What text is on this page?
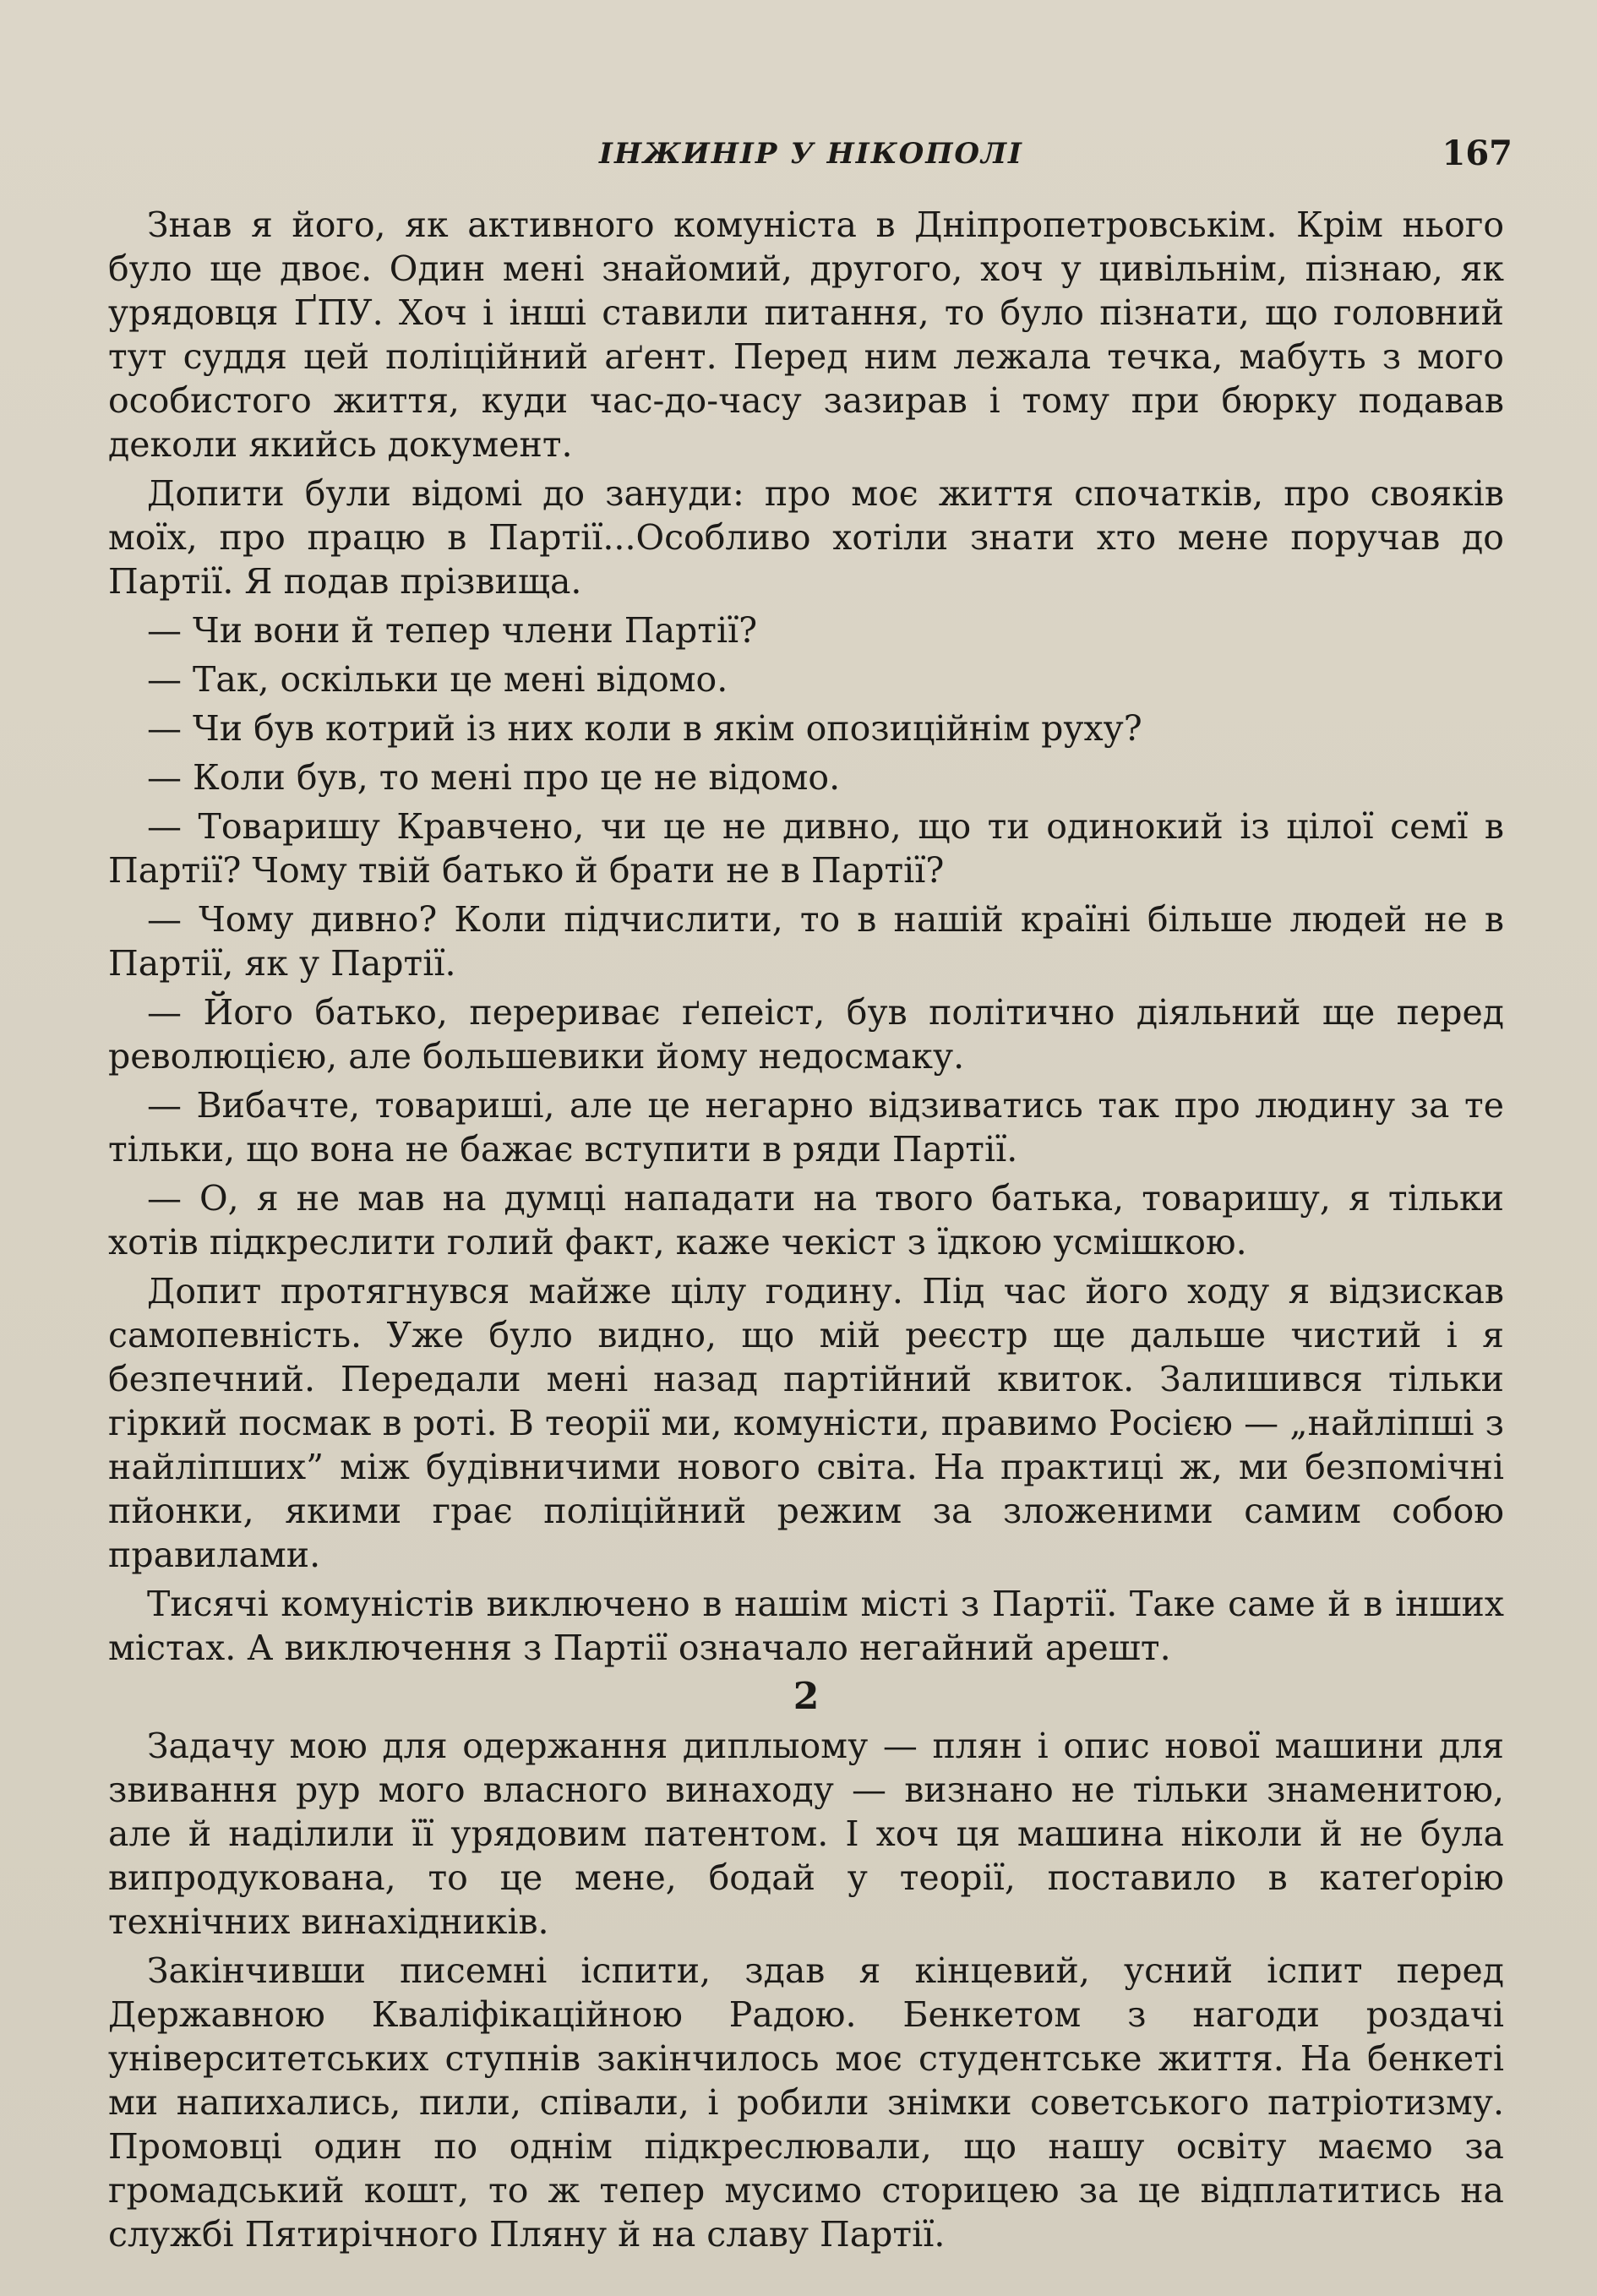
ІНЖИНІР У НІКОПОЛІ	167

Знав я його, як активного комуніста в Дніпропетровськім. Крім нього було ще двоє. Один мені знайомий, другого, хоч у цивільнім, пізнаю, як урядовця ҐПУ. Хоч і інші ставили питання, то було пізнати, що головний тут суддя цей поліційний аґент. Перед ним лежала течка, мабуть з мого особистого життя, куди час-до-часу зазирав і тому при бюрку подавав деколи якийсь документ.

Допити були відомі до зануди: про моє життя спочатків, про свояків моїх, про працю в Партії...Особливо хотіли знати хто мене поручав до Партії. Я подав прізвища.

— Чи вони й тепер члени Партії?

— Так, оскільки це мені відомо.

— Чи був котрий із них коли в якім опозиційнім руху?

— Коли був, то мені про це не відомо.

— Товаришу Кравчено, чи це не дивно, що ти одинокий із цілої семї в Партії? Чому твій батько й брати не в Партії?

— Чому дивно? Коли підчислити, то в нашій країні більше людей не в Партії, як у Партії.

— Його батько, перериває ґепеіст, був політично діяльний ще перед революцією, але большевики йому недосмаку.

— Вибачте, товариші, але це негарно відзиватись так про людину за те тільки, що вона не бажає вступити в ряди Партії.

— О, я не мав на думці нападати на твого батька, товаришу, я тільки хотів підкреслити голий факт, каже чекіст з їдкою усмішкою.

Допит протягнувся майже цілу годину. Під час його ходу я відзискав самопевність. Уже було видно, що мій реєстр ще дальше чистий і я безпечний. Передали мені назад партійний квиток. Залишився тільки гіркий посмак в роті. В теорії ми, комуністи, правимо Росією — „найліпші з найліпших” між будівничими нового світа. На практиці ж, ми безпомічні пйонки, якими грає поліційний режим за зложеними самим собою правилами.

Тисячі комуністів виключено в нашім місті з Партії. Таке саме й в інших містах. А виключення з Партії означало негайний арешт.

2

Задачу мою для одержання диплыому — плян і опис нової машини для звивання рур мого власного винаходу — визнано не тільки знаменитою, але й наділили її урядовим патентом. І хоч ця машина ніколи й не була випродукована, то це мене, бодай у теорії, поставило в катеґорію технічних винахідників.

Закінчивши писемні іспити, здав я кінцевий, усний іспит перед Державною Кваліфікаційною Радою. Бенкетом з нагоди роздачі університетських ступнів закінчилось моє студентське життя. На бенкеті ми напихались, пили, співали, і робили знімки советського патріотизму. Промовці один по однім підкреслювали, що нашу освіту маємо за громадський кошт, то ж тепер мусимо сторицею за це відплатитись на службі Пятирічного Пляну й на славу Партії.
